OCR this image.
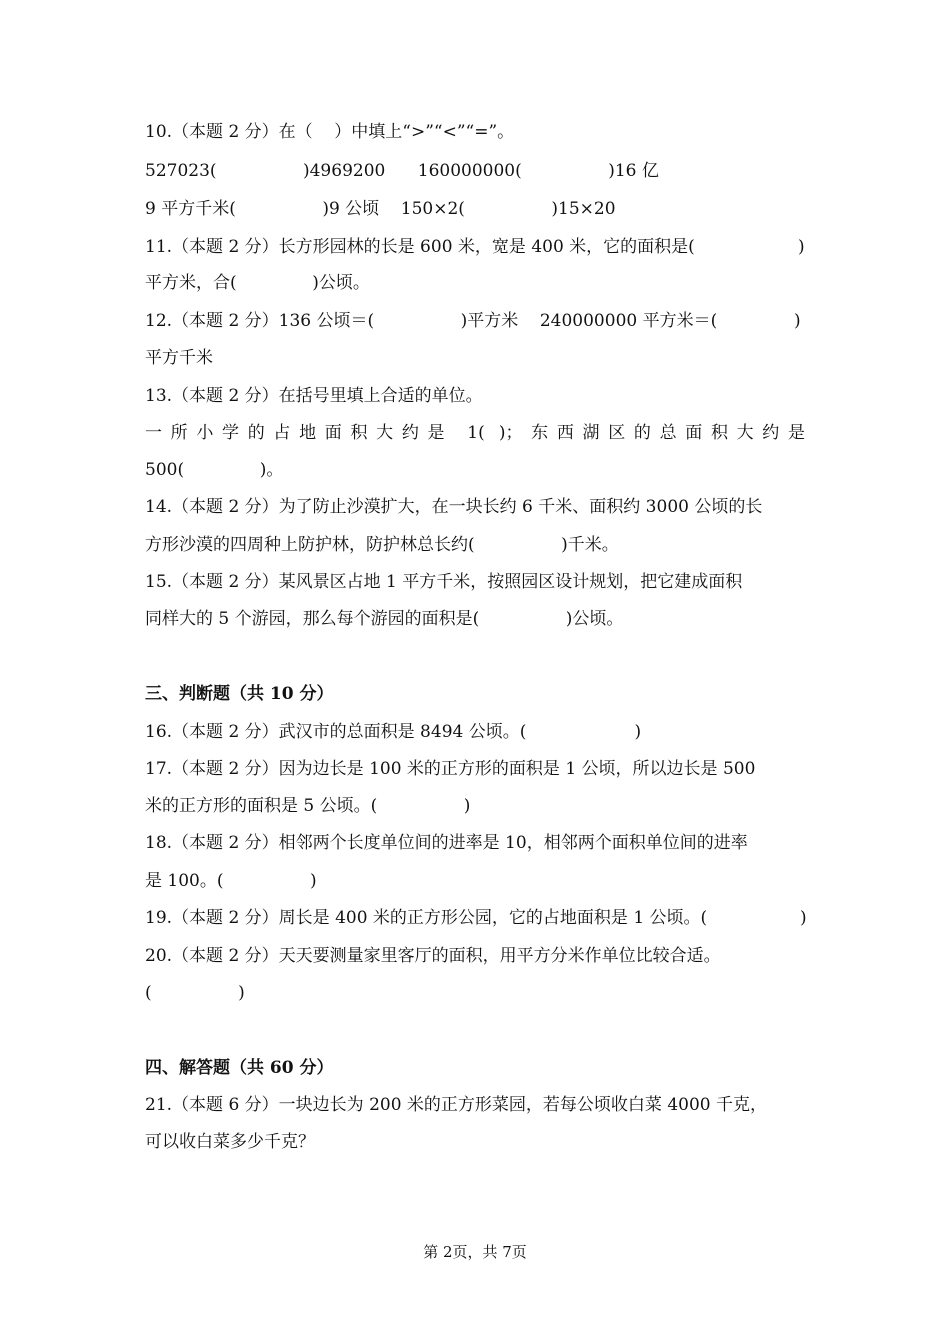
10.（本题 2 分）在（    ）中填上“>”“<”“=”。
527023(                )4969200      160000000(                )16 亿
9 平方千米(                )9 公顷    150×2(                )15×20
11.（本题 2 分）长方形园林的长是 600 米，宽是 400 米，它的面积是(	)
平方米，合(              )公顷。
12.（本题 2 分）136 公顷＝(                )平方米    240000000 平方米＝(	)
平方千米
13.（本题 2 分）在括号里填上合适的单位。
一所小学的占地面积大约是 1( )；东西湖区的总面积大约是
500(              )。
14.（本题 2 分）为了防止沙漠扩大，在一块长约 6 千米、面积约 3000 公顷的长
方形沙漠的四周种上防护林，防护林总长约(                )千米。
15.（本题 2 分）某风景区占地 1 平方千米，按照园区设计规划，把它建成面积
同样大的 5 个游园，那么每个游园的面积是(                )公顷。
三、判断题（共 10 分）
16.（本题 2 分）武汉市的总面积是 8494 公顷。(                    )
17.（本题 2 分）因为边长是 100 米的正方形的面积是 1 公顷，所以边长是 500
米的正方形的面积是 5 公顷。(                )
18.（本题 2 分）相邻两个长度单位间的进率是 10，相邻两个面积单位间的进率
是 100。(                )
19.（本题 2 分）周长是 400 米的正方形公园，它的占地面积是 1 公顷。(	)
20.（本题 2 分）天天要测量家里客厅的面积，用平方分米作单位比较合适。
(                )
四、解答题（共 60 分）
21.（本题 6 分）一块边长为 200 米的正方形菜园，若每公顷收白菜 4000 千克，
可以收白菜多少千克？
第 2页，共 7页
